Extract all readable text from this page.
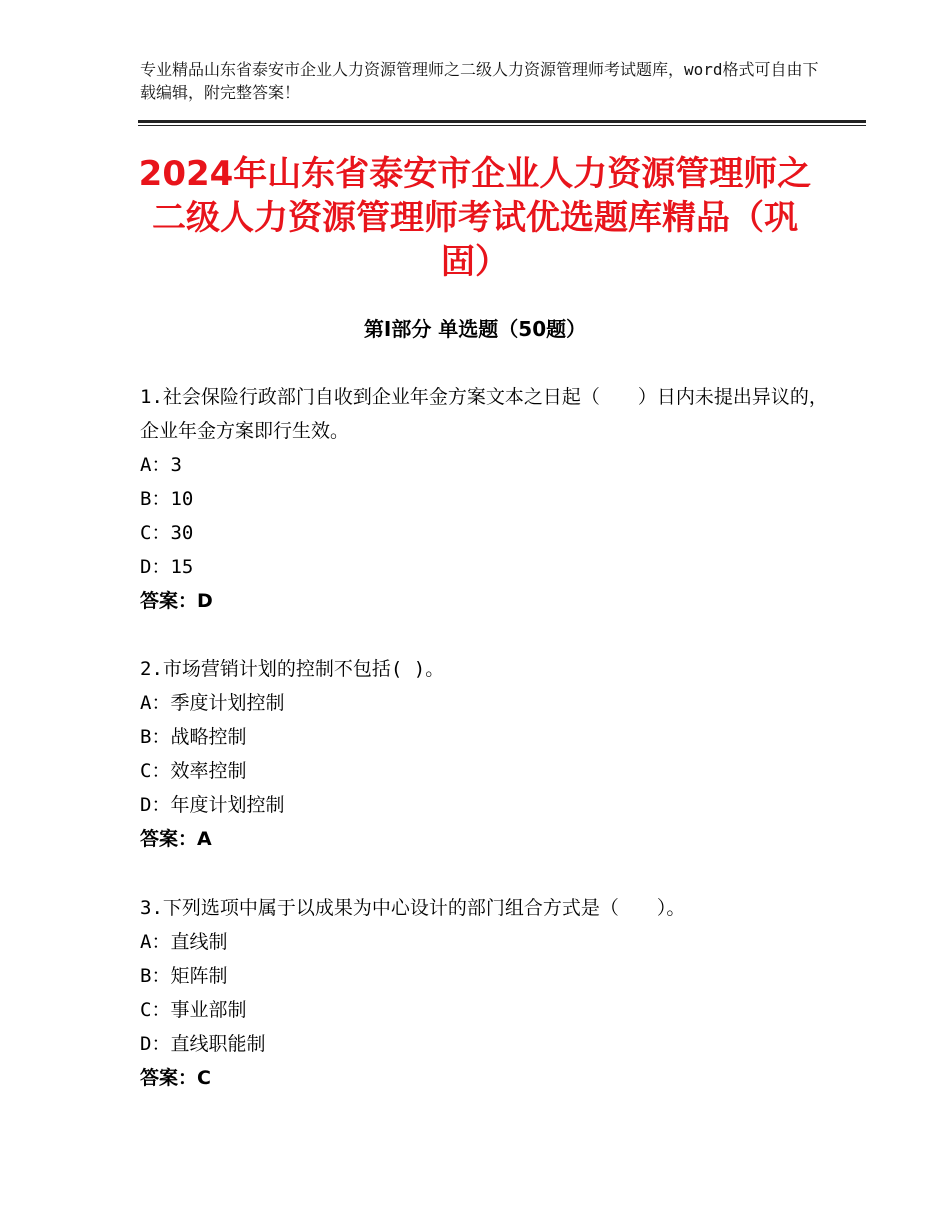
专业精品山东省泰安市企业人力资源管理师之二级人力资源管理师考试题库，word格式可自由下载编辑，附完整答案！
2024年山东省泰安市企业人力资源管理师之二级人力资源管理师考试优选题库精品（巩固）
第Ⅰ部分 单选题（50题）

1.社会保险行政部门自收到企业年金方案文本之日起（　　）日内未提出异议的，企业年金方案即行生效。

A：3

B：10

C：30

D：15

答案：D

2.市场营销计划的控制不包括( )。

A：季度计划控制

B：战略控制

C：效率控制

D：年度计划控制

答案：A

3.下列选项中属于以成果为中心设计的部门组合方式是（　　）。

A：直线制

B：矩阵制

C：事业部制

D：直线职能制

答案：C
